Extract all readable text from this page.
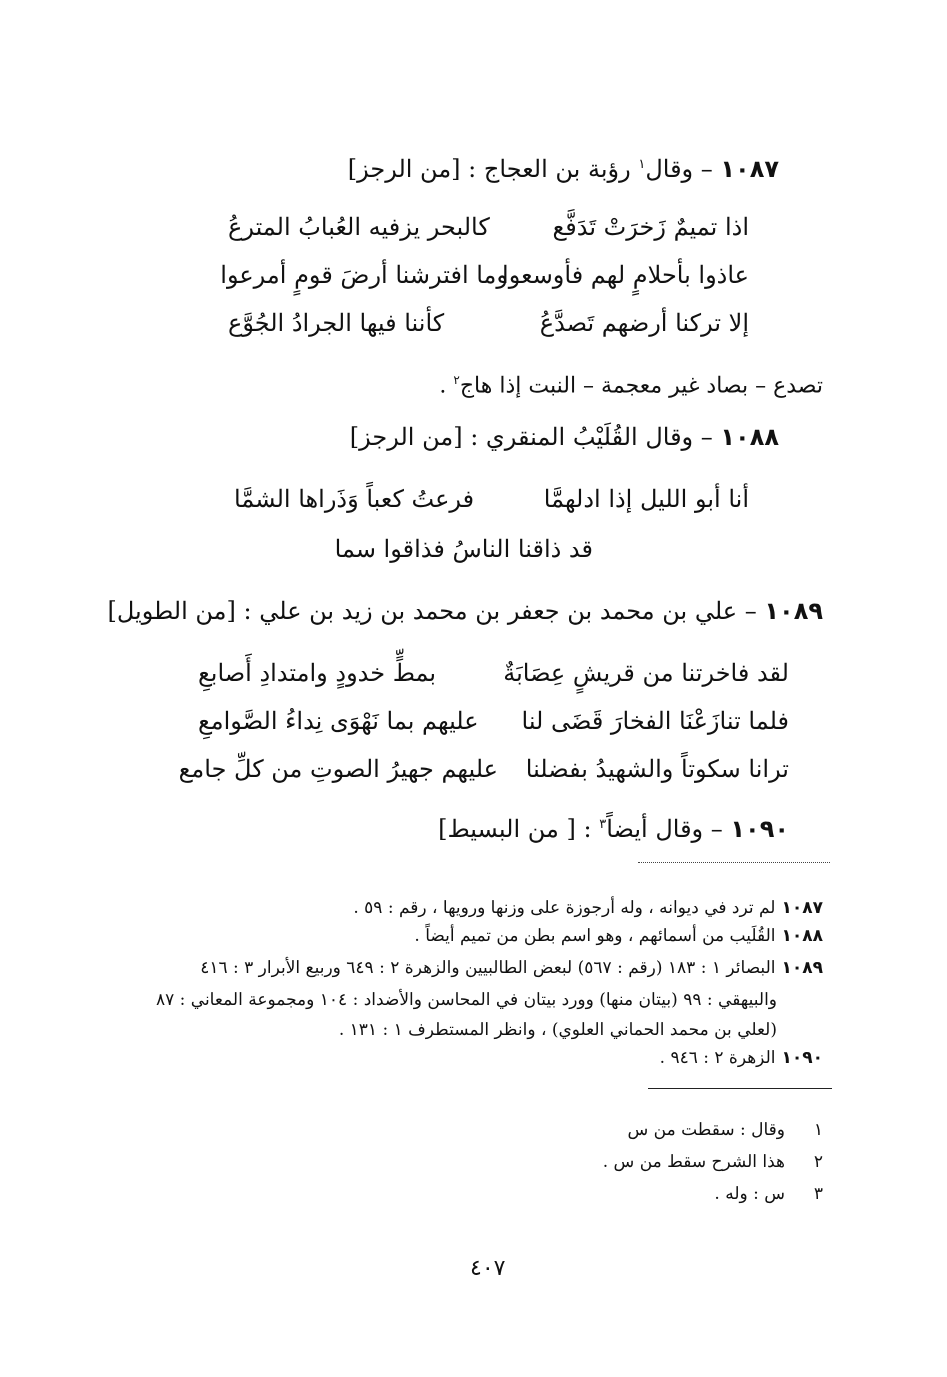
١٠٨٧ – وقال$^١$ رؤبة بن العجاج : [من الرجز]
اذا تميمٌ زَخرَتْ تَدَفَّع
كالبحر يزفيه العُبابُ المترعُ
عاذوا بأحلامٍ لهم فأوسعوا
وما افترشنا أرضَ قومٍ أمرعوا
إلا تركنا أرضهم تَصدَّعُ
كأننا فيها الجرادُ الجُوَّع
تصدع – بصاد غير معجمة – النبت إذا هاج$^٢$ .
١٠٨٨ – وقال القُلَيْبُ المنقري : [من الرجز]
أنا أبو الليل إذا ادلهمَّا
فرعتُ كعباً وَذَراها الشمَّا
قد ذاقنا الناسُ فذاقوا سما
١٠٨٩ – علي بن محمد بن جعفر بن محمد بن زيد بن علي : [من الطويل]
لقد فاخرتنا من قريشٍ عِصَابَةٌ
بمطٍّ خدودٍ وامتدادِ أَصابعِ
فلما تنازَعْنَا الفخارَ قَضَى لنا
عليهم بما نَهْوَى نِداءُ الصَّوامعِ
ترانا سكوتاً والشهيدُ بفضلنا
عليهم جهيرُ الصوتِ من كلِّ جامع
١٠٩٠ – وقال أيضاً$^٣$ : [ من البسيط]
١٠٨٧لم ترد في ديوانه ، وله أرجوزة على وزنها ورويها ، رقم : ٥٩ .
١٠٨٨القُلَيب من أسمائهم ، وهو اسم بطن من تميم أيضاً .
١٠٨٩البصائر ١ : ١٨٣ (رقم : ٥٦٧) لبعض الطالبيين والزهرة ٢ : ٦٤٩ وربيع الأبرار ٣ : ٤١٦
والبيهقي : ٩٩ (بيتان منها) وورد بيتان في المحاسن والأضداد : ١٠٤ ومجموعة المعاني : ٨٧
(لعلي بن محمد الحماني العلوي) ، وانظر المستطرف ١ : ١٣١ .
١٠٩٠الزهرة ٢ : ٩٤٦ .
١وقال : سقطت من س
٢هذا الشرح سقط من س .
٣س : وله .
٤٠٧
